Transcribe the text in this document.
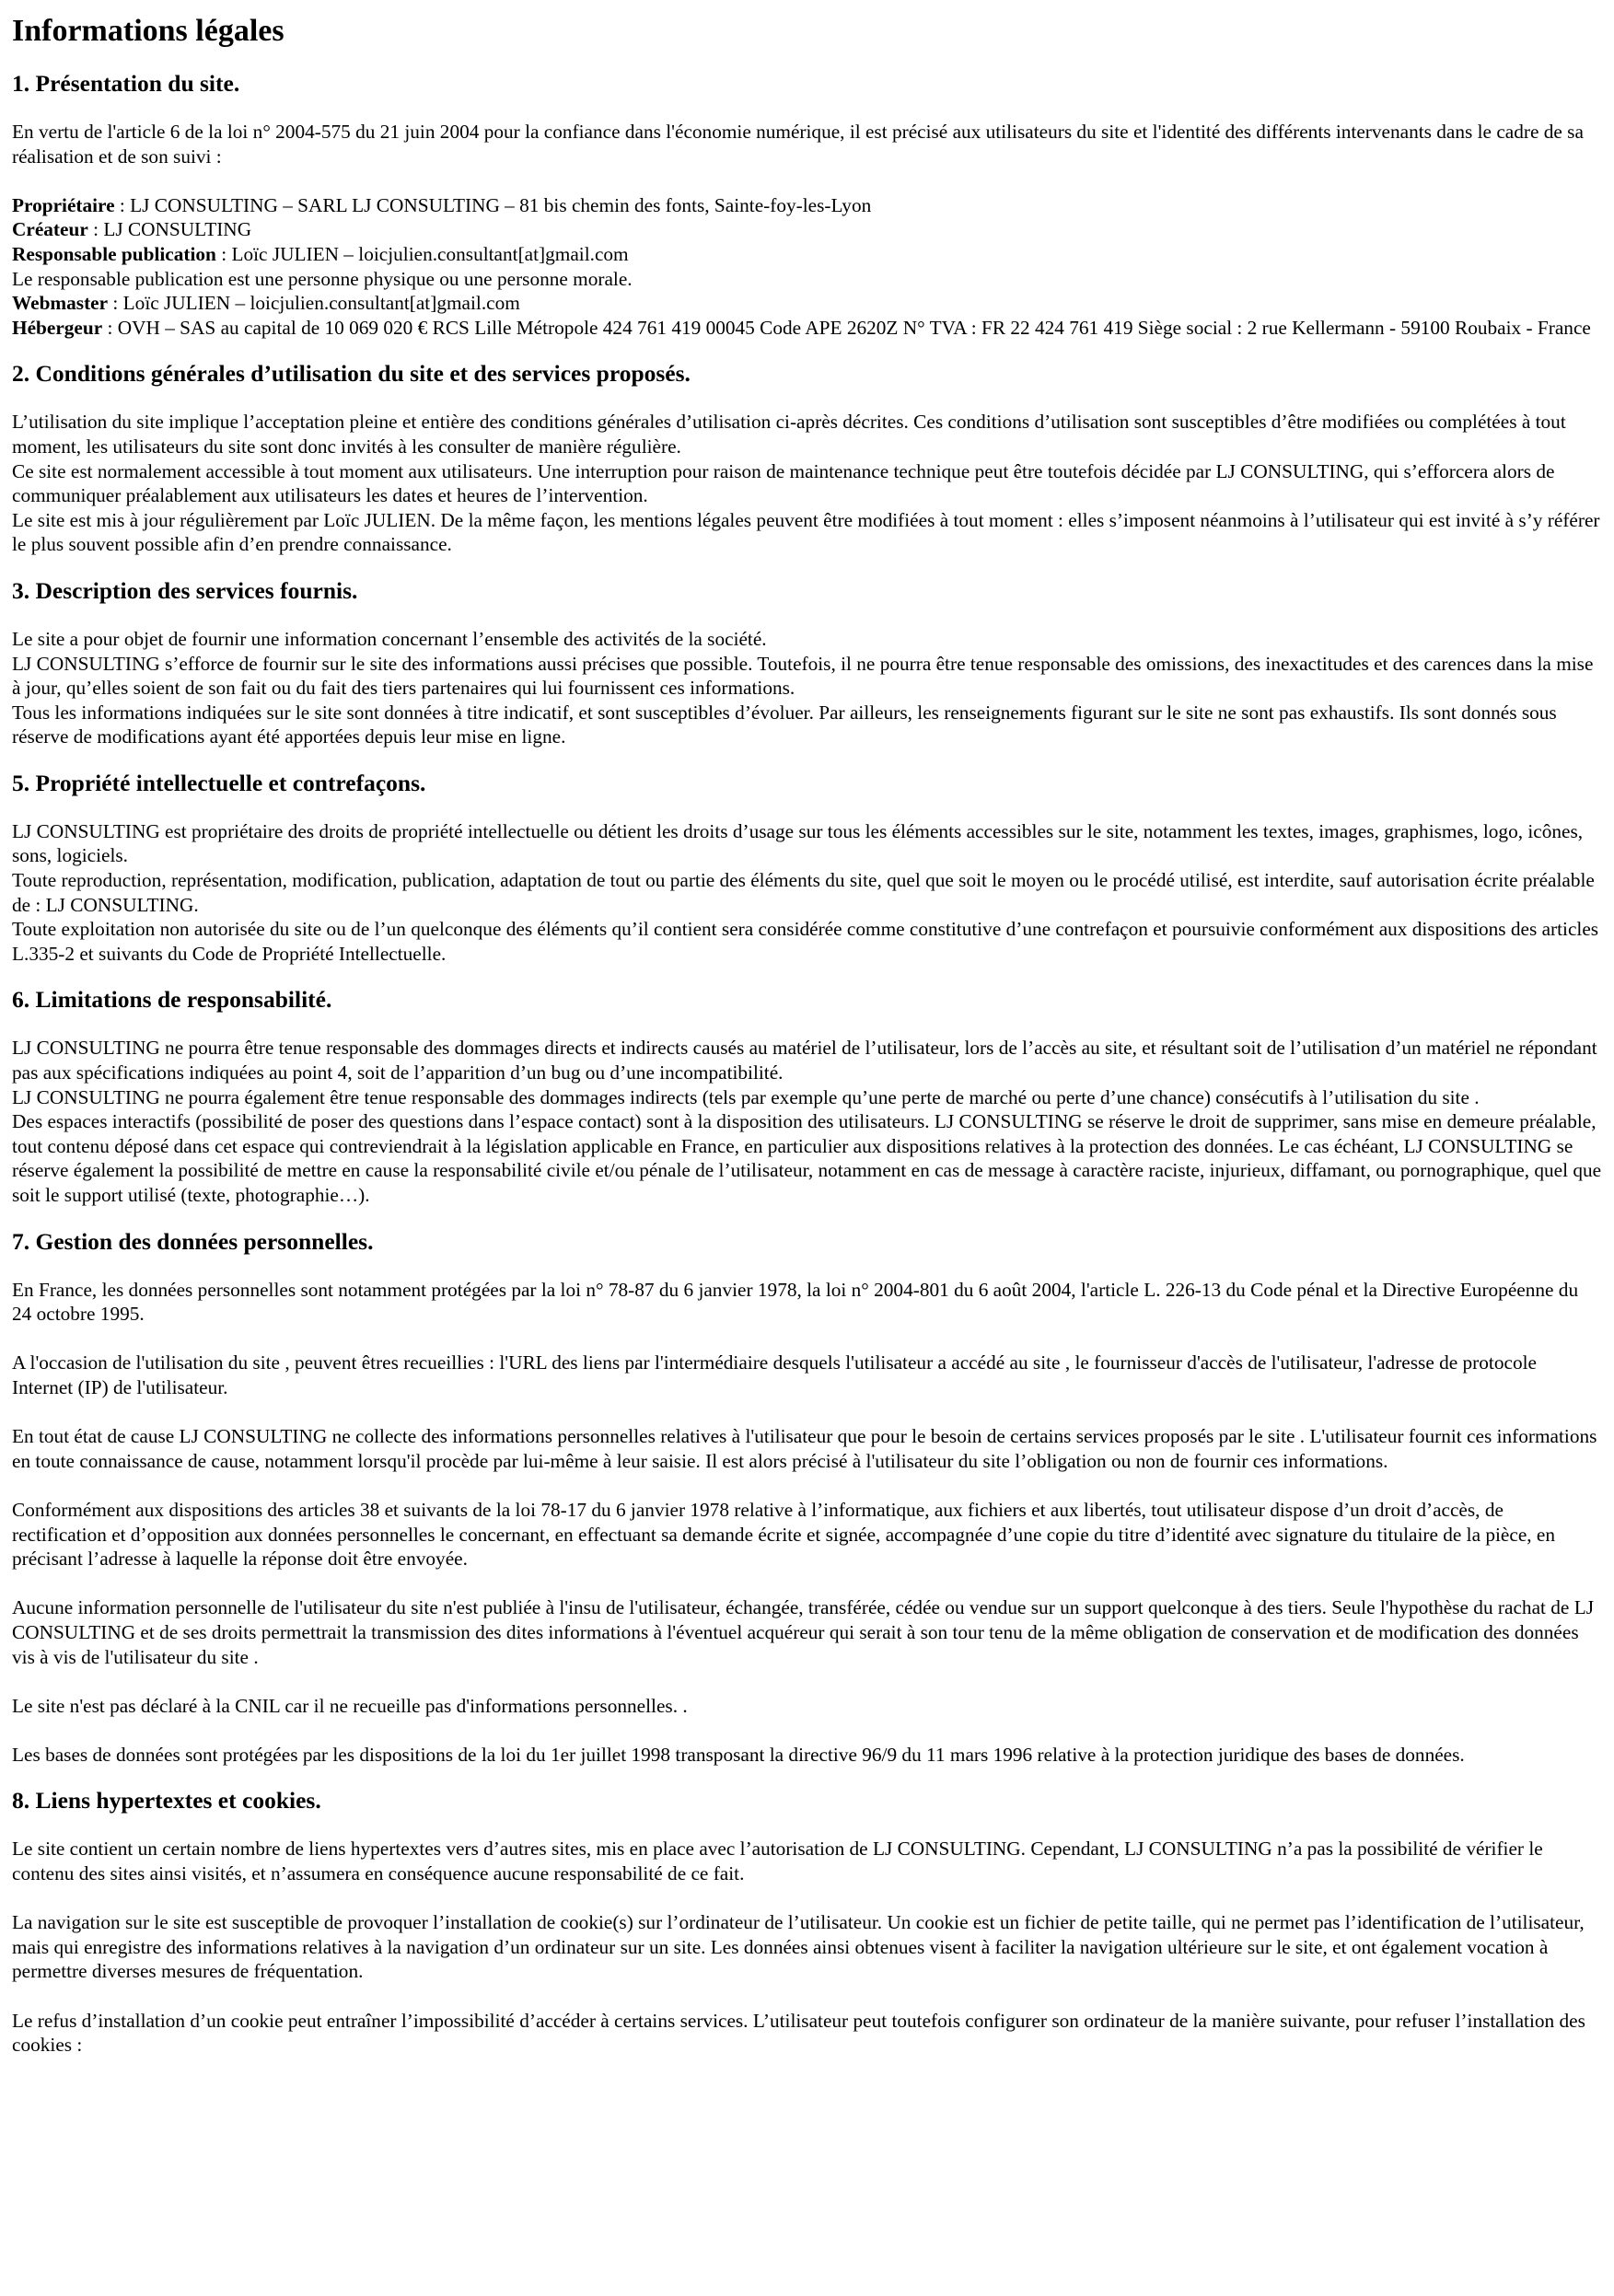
Informations légales
1. Présentation du site.

En vertu de l'article 6 de la loi n° 2004-575 du 21 juin 2004 pour la confiance dans l'économie numérique, il est précisé aux utilisateurs du site et l'identité des différents intervenants dans le cadre de sa réalisation et de son suivi :

Propriétaire : LJ CONSULTING – SARL LJ CONSULTING – 81 bis chemin des fonts, Sainte-foy-les-Lyon

Créateur : LJ CONSULTING

Responsable publication : Loïc JULIEN – loicjulien.consultant[at]gmail.com

Le responsable publication est une personne physique ou une personne morale.

Webmaster : Loïc JULIEN – loicjulien.consultant[at]gmail.com

Hébergeur : OVH – SAS au capital de 10 069 020 € RCS Lille Métropole 424 761 419 00045 Code APE 2620Z N° TVA : FR 22 424 761 419 Siège social : 2 rue Kellermann - 59100 Roubaix - France

2. Conditions générales d’utilisation du site et des services proposés.

L’utilisation du site implique l’acceptation pleine et entière des conditions générales d’utilisation ci-après décrites. Ces conditions d’utilisation sont susceptibles d’être modifiées ou complétées à tout moment, les utilisateurs du site sont donc invités à les consulter de manière régulière.

Ce site est normalement accessible à tout moment aux utilisateurs. Une interruption pour raison de maintenance technique peut être toutefois décidée par LJ CONSULTING, qui s’efforcera alors de communiquer préalablement aux utilisateurs les dates et heures de l’intervention.

Le site est mis à jour régulièrement par Loïc JULIEN. De la même façon, les mentions légales peuvent être modifiées à tout moment : elles s’imposent néanmoins à l’utilisateur qui est invité à s’y référer le plus souvent possible afin d’en prendre connaissance.

3. Description des services fournis.

Le site a pour objet de fournir une information concernant l’ensemble des activités de la société.

LJ CONSULTING s’efforce de fournir sur le site des informations aussi précises que possible. Toutefois, il ne pourra être tenue responsable des omissions, des inexactitudes et des carences dans la mise à jour, qu’elles soient de son fait ou du fait des tiers partenaires qui lui fournissent ces informations.

Tous les informations indiquées sur le site sont données à titre indicatif, et sont susceptibles d’évoluer. Par ailleurs, les renseignements figurant sur le site ne sont pas exhaustifs. Ils sont donnés sous réserve de modifications ayant été apportées depuis leur mise en ligne.

5. Propriété intellectuelle et contrefaçons.

LJ CONSULTING est propriétaire des droits de propriété intellectuelle ou détient les droits d’usage sur tous les éléments accessibles sur le site, notamment les textes, images, graphismes, logo, icônes, sons, logiciels.

Toute reproduction, représentation, modification, publication, adaptation de tout ou partie des éléments du site, quel que soit le moyen ou le procédé utilisé, est interdite, sauf autorisation écrite préalable de : LJ CONSULTING.

Toute exploitation non autorisée du site ou de l’un quelconque des éléments qu’il contient sera considérée comme constitutive d’une contrefaçon et poursuivie conformément aux dispositions des articles L.335-2 et suivants du Code de Propriété Intellectuelle.

6. Limitations de responsabilité.

LJ CONSULTING ne pourra être tenue responsable des dommages directs et indirects causés au matériel de l’utilisateur, lors de l’accès au site, et résultant soit de l’utilisation d’un matériel ne répondant pas aux spécifications indiquées au point 4, soit de l’apparition d’un bug ou d’une incompatibilité.

LJ CONSULTING ne pourra également être tenue responsable des dommages indirects (tels par exemple qu’une perte de marché ou perte d’une chance) consécutifs à l’utilisation du site .

Des espaces interactifs (possibilité de poser des questions dans l’espace contact) sont à la disposition des utilisateurs. LJ CONSULTING se réserve le droit de supprimer, sans mise en demeure préalable, tout contenu déposé dans cet espace qui contreviendrait à la législation applicable en France, en particulier aux dispositions relatives à la protection des données. Le cas échéant, LJ CONSULTING se réserve également la possibilité de mettre en cause la responsabilité civile et/ou pénale de l’utilisateur, notamment en cas de message à caractère raciste, injurieux, diffamant, ou pornographique, quel que soit le support utilisé (texte, photographie…).

7. Gestion des données personnelles.

En France, les données personnelles sont notamment protégées par la loi n° 78-87 du 6 janvier 1978, la loi n° 2004-801 du 6 août 2004, l'article L. 226-13 du Code pénal et la Directive Européenne du 24 octobre 1995.

A l'occasion de l'utilisation du site , peuvent êtres recueillies : l'URL des liens par l'intermédiaire desquels l'utilisateur a accédé au site , le fournisseur d'accès de l'utilisateur, l'adresse de protocole Internet (IP) de l'utilisateur.

En tout état de cause LJ CONSULTING ne collecte des informations personnelles relatives à l'utilisateur que pour le besoin de certains services proposés par le site . L'utilisateur fournit ces informations en toute connaissance de cause, notamment lorsqu'il procède par lui-même à leur saisie. Il est alors précisé à l'utilisateur du site l’obligation ou non de fournir ces informations.

Conformément aux dispositions des articles 38 et suivants de la loi 78-17 du 6 janvier 1978 relative à l’informatique, aux fichiers et aux libertés, tout utilisateur dispose d’un droit d’accès, de rectification et d’opposition aux données personnelles le concernant, en effectuant sa demande écrite et signée, accompagnée d’une copie du titre d’identité avec signature du titulaire de la pièce, en précisant l’adresse à laquelle la réponse doit être envoyée.

Aucune information personnelle de l'utilisateur du site n'est publiée à l'insu de l'utilisateur, échangée, transférée, cédée ou vendue sur un support quelconque à des tiers. Seule l'hypothèse du rachat de LJ CONSULTING et de ses droits permettrait la transmission des dites informations à l'éventuel acquéreur qui serait à son tour tenu de la même obligation de conservation et de modification des données vis à vis de l'utilisateur du site .

Le site n'est pas déclaré à la CNIL car il ne recueille pas d'informations personnelles. .

Les bases de données sont protégées par les dispositions de la loi du 1er juillet 1998 transposant la directive 96/9 du 11 mars 1996 relative à la protection juridique des bases de données.

8. Liens hypertextes et cookies.

Le site contient un certain nombre de liens hypertextes vers d’autres sites, mis en place avec l’autorisation de LJ CONSULTING. Cependant, LJ CONSULTING n’a pas la possibilité de vérifier le contenu des sites ainsi visités, et n’assumera en conséquence aucune responsabilité de ce fait.

La navigation sur le site est susceptible de provoquer l’installation de cookie(s) sur l’ordinateur de l’utilisateur. Un cookie est un fichier de petite taille, qui ne permet pas l’identification de l’utilisateur, mais qui enregistre des informations relatives à la navigation d’un ordinateur sur un site. Les données ainsi obtenues visent à faciliter la navigation ultérieure sur le site, et ont également vocation à permettre diverses mesures de fréquentation.

Le refus d’installation d’un cookie peut entraîner l’impossibilité d’accéder à certains services. L’utilisateur peut toutefois configurer son ordinateur de la manière suivante, pour refuser l’installation des cookies :
